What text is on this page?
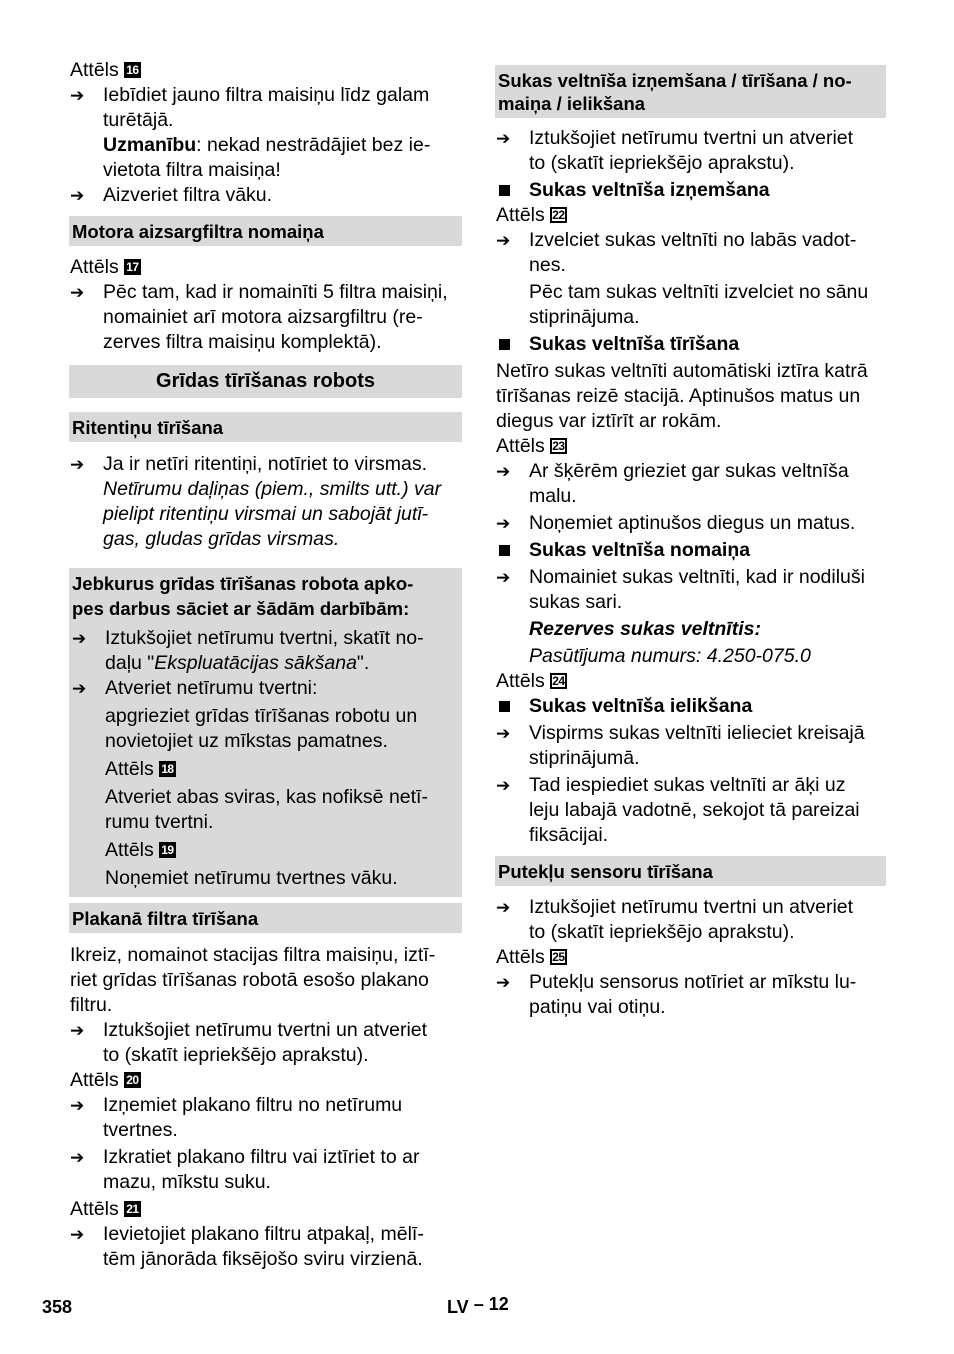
Attēls 16
➔ Iebīdiet jauno filtra maisiņu līdz galam
turētājā.
Uzmanību: nekad nestrādājiet bez ie-
vietota filtra maisiņa!
➔ Aizveriet filtra vāku.
Motora aizsargfiltra nomaiņa
Attēls 17
➔ Pēc tam, kad ir nomainīti 5 filtra maisiņi,
nomainiet arī motora aizsargfiltru (re-
zerves filtra maisiņu komplektā).
Grīdas tīrīšanas robots
Ritentiņu tīrīšana
➔ Ja ir netīri ritentiņi, notīriet to virsmas.
Netīrumu daļiņas (piem., smilts utt.) var
pielipt ritentiņu virsmai un sabojāt jutī-
gas, gludas grīdas virsmas.
Jebkurus grīdas tīrīšanas robota apko-
pes darbus sāciet ar šādām darbībām:
➔ Iztukšojiet netīrumu tvertni, skatīt no-
daļu "Ekspluatācijas sākšana".
➔ Atveriet netīrumu tvertni:
apgrieziet grīdas tīrīšanas robotu un
novietojiet uz mīkstas pamatnes.
Attēls 18
Atveriet abas sviras, kas nofiksē netī-
rumu tvertni.
Attēls 19
Noņemiet netīrumu tvertnes vāku.
Plakanā filtra tīrīšana
Ikreiz, nomainot stacijas filtra maisiņu, iztī-
riet grīdas tīrīšanas robotā esošo plakano
filtru.
➔ Iztukšojiet netīrumu tvertni un atveriet
to (skatīt iepriekšējo aprakstu).
Attēls 20
➔ Izņemiet plakano filtru no netīrumu
tvertnes.
➔ Izkratiet plakano filtru vai iztīriet to ar
mazu, mīkstu suku.
Attēls 21
➔ Ievietojiet plakano filtru atpakaļ, mēlī-
tēm jānorāda fiksējošo sviru virzienā.
Sukas veltnīša izņemšana / tīrīšana / no-
maiņa / ielikšana
➔ Iztukšojiet netīrumu tvertni un atveriet
to (skatīt iepriekšējo aprakstu).
Sukas veltnīša izņemšana
Attēls 22
➔ Izvelciet sukas veltnīti no labās vadot-
nes.
Pēc tam sukas veltnīti izvelciet no sānu
stiprinājuma.
Sukas veltnīša tīrīšana
Netīro sukas veltnīti automātiski iztīra katrā
tīrīšanas reizē stacijā. Aptinušos matus un
diegus var iztīrīt ar rokām.
Attēls 23
➔ Ar šķērēm grieziet gar sukas veltnīša
malu.
➔ Noņemiet aptinušos diegus un matus.
Sukas veltnīša nomaiņa
➔ Nomainiet sukas veltnīti, kad ir nodiluši
sukas sari.
Rezerves sukas veltnītis:
Pasūtījuma numurs: 4.250-075.0
Attēls 24
Sukas veltnīša ielikšana
➔ Vispirms sukas veltnīti ielieciet kreisajā
stiprinājumā.
➔ Tad iespiediet sukas veltnīti ar āķi uz
leju labajā vadotnē, sekojot tā pareizai
fiksācijai.
Putekļu sensoru tīrīšana
➔ Iztukšojiet netīrumu tvertni un atveriet
to (skatīt iepriekšējo aprakstu).
Attēls 25
➔ Putekļu sensorus notīriet ar mīkstu lu-
patiņu vai otiņu.
358	LV – 12
